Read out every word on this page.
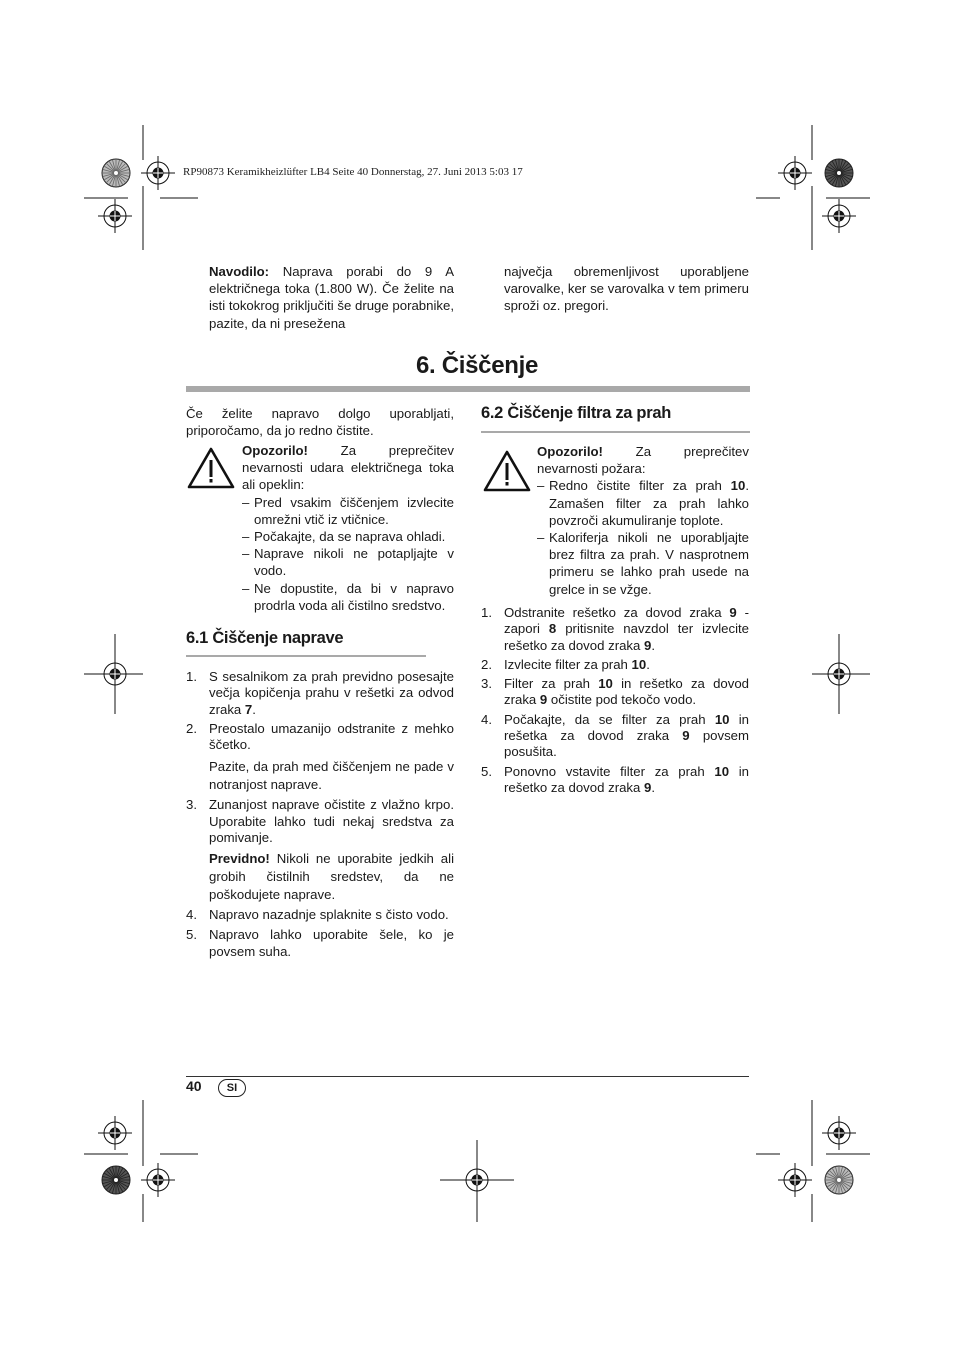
RP90873 Keramikheizlüfter LB4 Seite 40 Donnerstag, 27. Juni 2013 5:03 17
Navodilo: Naprava porabi do 9 A električnega toka (1.800 W). Če želite na isti tokokrog priključiti še druge porabnike, pazite, da ni presežena
največja obremenljivost uporabljene varovalke, ker se varovalka v tem primeru sproži oz. pregori.
6. Čiščenje
Če želite napravo dolgo uporabljati, priporočamo, da jo redno čistite.
Opozorilo! Za preprečitev nevarnosti udara električnega toka ali opeklin:
– Pred vsakim čiščenjem izvlecite omrežni vtič iz vtičnice.
– Počakajte, da se naprava ohladi.
– Naprave nikoli ne potapljajte v vodo.
– Ne dopustite, da bi v napravo prodrla voda ali čistilno sredstvo.
6.1 Čiščenje naprave
1. S sesalnikom za prah previdno posesajte večja kopičenja prahu v rešetki za odvod zraka 7.
2. Preostalo umazanijo odstranite z mehko ščetko.
Pazite, da prah med čiščenjem ne pade v notranjost naprave.
3. Zunanjost naprave očistite z vlažno krpo. Uporabite lahko tudi nekaj sredstva za pomivanje.
Previdno! Nikoli ne uporabite jedkih ali grobih čistilnih sredstev, da ne poškodujete naprave.
4. Napravo nazadnje splaknite s čisto vodo.
5. Napravo lahko uporabite šele, ko je povsem suha.
6.2 Čiščenje filtra za prah
Opozorilo! Za preprečitev nevarnosti požara:
– Redno čistite filter za prah 10. Zamašen filter za prah lahko povzroči akumuliranje toplote.
– Kaloriferja nikoli ne uporabljajte brez filtra za prah. V nasprotnem primeru se lahko prah usede na grelce in se vžge.
1. Odstranite rešetko za dovod zraka 9 - zapori 8 pritisnite navzdol ter izvlecite rešetko za dovod zraka 9.
2. Izvlecite filter za prah 10.
3. Filter za prah 10 in rešetko za dovod zraka 9 očistite pod tekočo vodo.
4. Počakajte, da se filter za prah 10 in rešetka za dovod zraka 9 povsem posušita.
5. Ponovno vstavite filter za prah 10 in rešetko za dovod zraka 9.
40	SI
